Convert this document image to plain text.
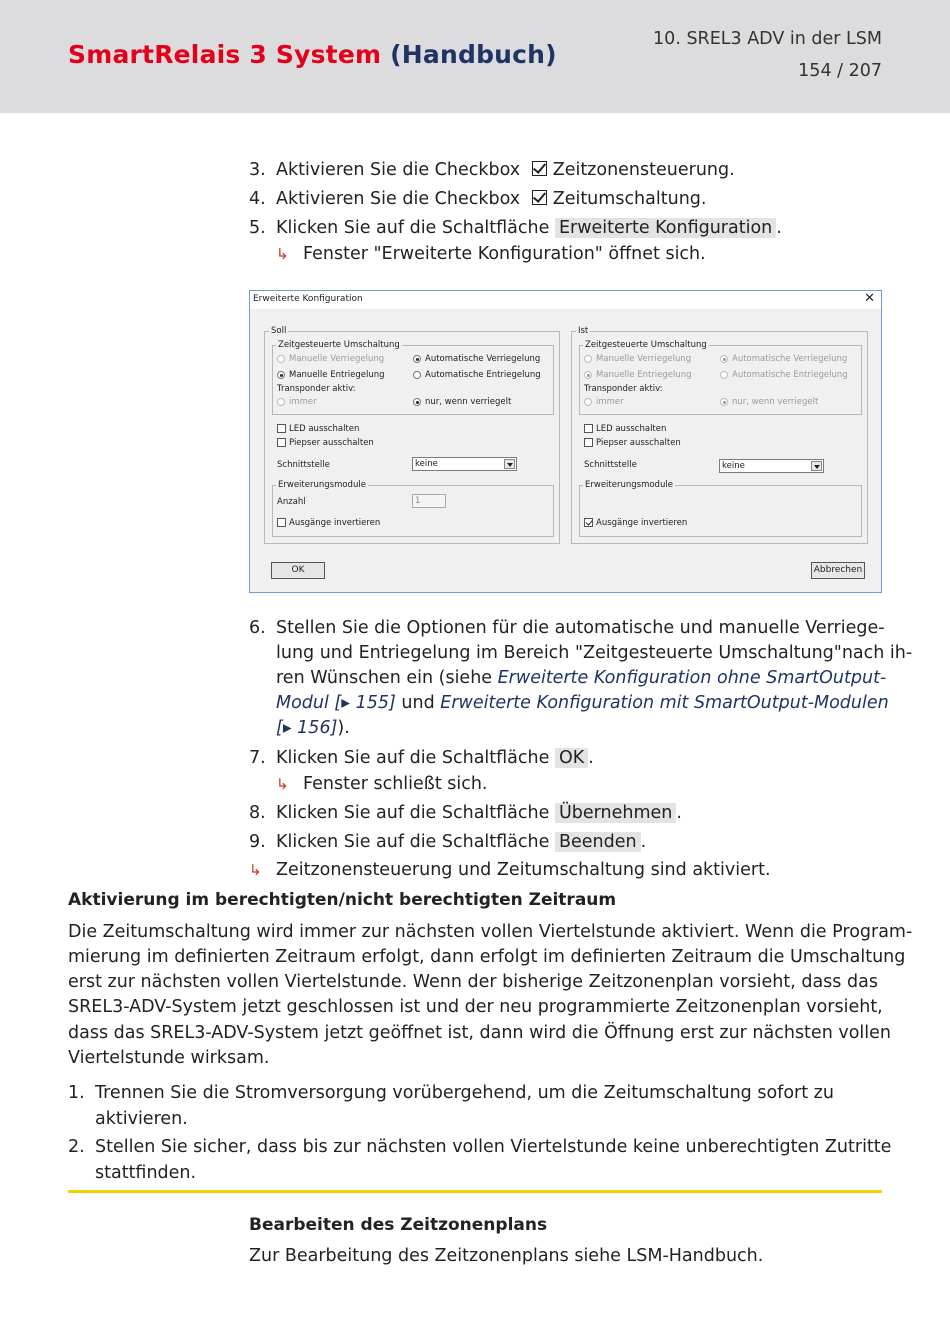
SmartRelais 3 System (Handbuch)
10. SREL3 ADV in der LSM
154 / 207
3. Aktivieren Sie die Checkbox Zeitzonensteuerung.
4. Aktivieren Sie die Checkbox Zeitumschaltung.
5. Klicken Sie auf die Schaltfläche Erweiterte Konfiguration .
↳ Fenster "Erweiterte Konfiguration" öffnet sich.
Erweiterte Konfiguration	✕
Soll
Zeitgesteuerte Umschaltung
Manuelle Verriegelung	Automatische Verriegelung
Manuelle Entriegelung	Automatische Entriegelung
Transponder aktiv:
immer	nur, wenn verriegelt
LED ausschalten
Piepser ausschalten
Schnittstelle	keine
Erweiterungsmodule
Anzahl	1
Ausgänge invertieren
Ist
Zeitgesteuerte Umschaltung
Manuelle Verriegelung	Automatische Verriegelung
Manuelle Entriegelung	Automatische Entriegelung
Transponder aktiv:
immer	nur, wenn verriegelt
LED ausschalten
Piepser ausschalten
Schnittstelle	keine
Erweiterungsmodule
Ausgänge invertieren
OK	Abbrechen
6. Stellen Sie die Optionen für die automatische und manuelle Verriege-
lung und Entriegelung im Bereich "Zeitgesteuerte Umschaltung"nach ih-
ren Wünschen ein (siehe Erweiterte Konfiguration ohne SmartOutput-
Modul [▸ 155] und Erweiterte Konfiguration mit SmartOutput-Modulen
[▸ 156]).
7. Klicken Sie auf die Schaltfläche OK .
↳ Fenster schließt sich.
8. Klicken Sie auf die Schaltfläche Übernehmen .
9. Klicken Sie auf die Schaltfläche Beenden .
↳ Zeitzonensteuerung und Zeitumschaltung sind aktiviert.
Aktivierung im berechtigten/nicht berechtigten Zeitraum
Die Zeitumschaltung wird immer zur nächsten vollen Viertelstunde aktiviert. Wenn die Program-
mierung im definierten Zeitraum erfolgt, dann erfolgt im definierten Zeitraum die Umschaltung
erst zur nächsten vollen Viertelstunde. Wenn der bisherige Zeitzonenplan vorsieht, dass das
SREL3-ADV-System jetzt geschlossen ist und der neu programmierte Zeitzonenplan vorsieht,
dass das SREL3-ADV-System jetzt geöffnet ist, dann wird die Öffnung erst zur nächsten vollen
Viertelstunde wirksam.
1. Trennen Sie die Stromversorgung vorübergehend, um die Zeitumschaltung sofort zu
aktivieren.
2. Stellen Sie sicher, dass bis zur nächsten vollen Viertelstunde keine unberechtigten Zutritte
stattfinden.
Bearbeiten des Zeitzonenplans
Zur Bearbeitung des Zeitzonenplans siehe LSM-Handbuch.
